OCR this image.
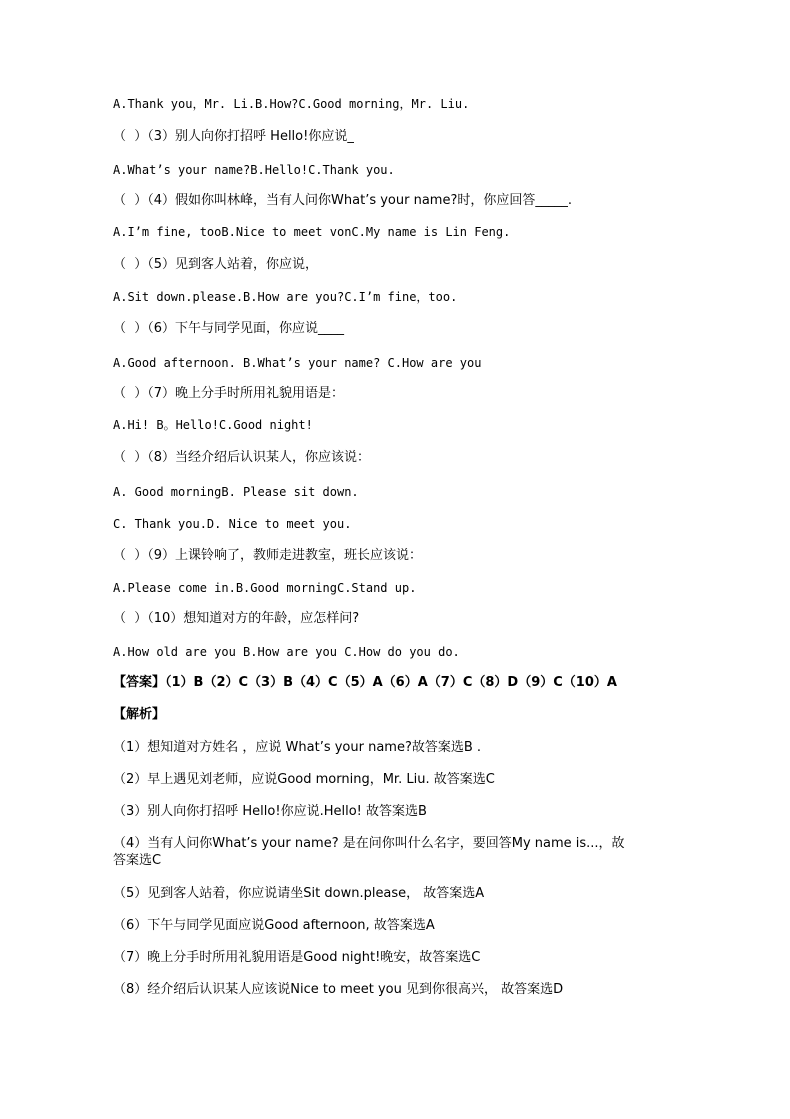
A.Thank you，Mr. Li.B.How?C.Good morning，Mr. Liu.
（  ）（3）别人向你打招呼 Hello!你应说_
A.What’s your name?B.Hello!C.Thank you.
（  ）（4）假如你叫林峰，当有人问你What’s your name?时，你应回答_____.
A.I’m fine, tooB.Nice to meet vonC.My name is Lin Feng.
（  ）（5）见到客人站着，你应说，
A.Sit down.please.B.How are you?C.I’m fine，too.
（  ）（6）下午与同学见面，你应说____
A.Good afternoon. B.What’s your name? C.How are you
（  ）（7）晚上分手时所用礼貌用语是：
A.Hi! B。Hello!C.Good night!
（  ）（8）当经介绍后认识某人，你应该说：
A. Good morningB. Please sit down.
C. Thank you.D. Nice to meet you.
（  ）（9）上课铃响了，教师走进教室，班长应该说：
A.Please come in.B.Good morningC.Stand up.
（  ）（10）想知道对方的年龄，应怎样问?
A.How old are you B.How are you C.How do you do.
【答案】（1）B（2）C（3）B（4）C（5）A（6）A（7）C（8）D（9）C（10）A
【解析】
（1）想知道对方姓名 ，应说 What’s your name?故答案选B .
（2）早上遇见刘老师，应说Good morning，Mr. Liu. 故答案选C
（3）别人向你打招呼 Hello!你应说.Hello! 故答案选B
（4）当有人问你What’s your name? 是在问你叫什么名字，要回答My name is...，故答案选C
（5）见到客人站着，你应说请坐Sit down.please， 故答案选A
（6）下午与同学见面应说Good afternoon, 故答案选A
（7）晚上分手时所用礼貌用语是Good night!晚安，故答案选C
（8）经介绍后认识某人应该说Nice to meet you 见到你很高兴， 故答案选D
